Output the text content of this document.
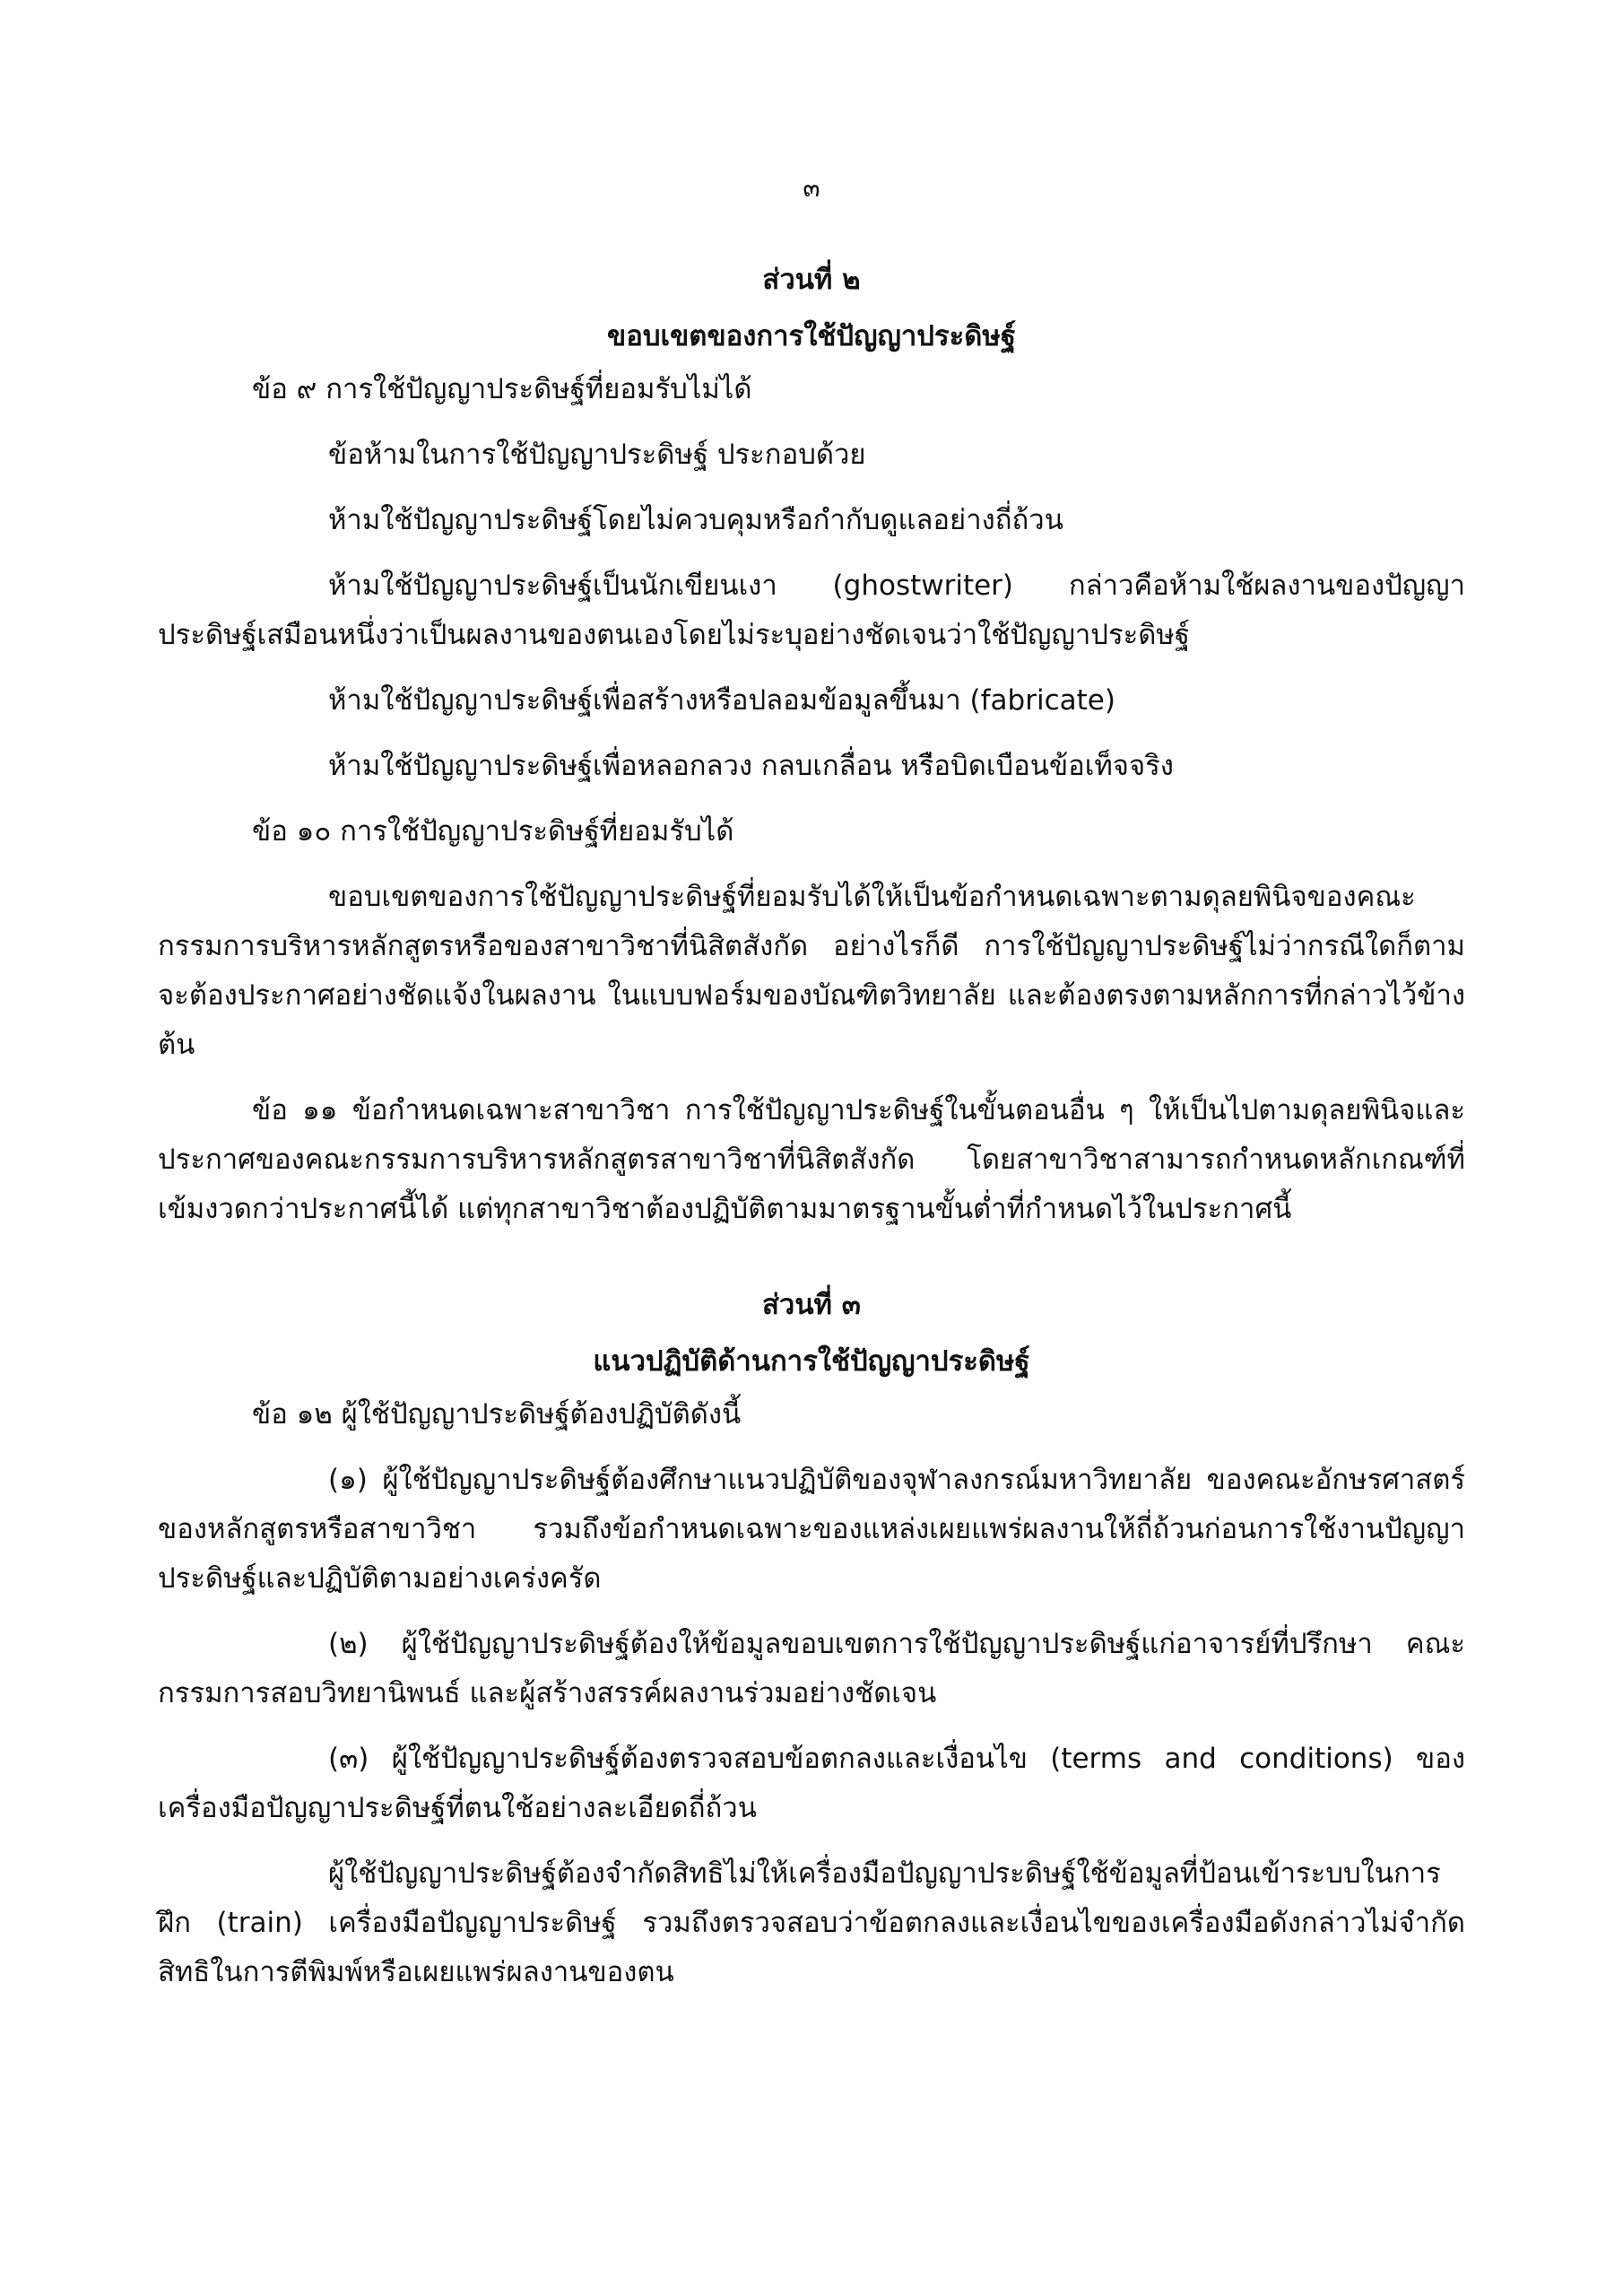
๓

ส่วนที่ ๒

ขอบเขตของการใช้ปัญญาประดิษฐ์

ข้อ ๙ การใช้ปัญญาประดิษฐ์ที่ยอมรับไม่ได้

ข้อห้ามในการใช้ปัญญาประดิษฐ์ ประกอบด้วย

ห้ามใช้ปัญญาประดิษฐ์โดยไม่ควบคุมหรือกำกับดูแลอย่างถี่ถ้วน

ห้ามใช้ปัญญาประดิษฐ์เป็นนักเขียนเงา (ghostwriter) กล่าวคือห้ามใช้ผลงานของปัญญาประดิษฐ์เสมือนหนึ่งว่าเป็นผลงานของตนเองโดยไม่ระบุอย่างชัดเจนว่าใช้ปัญญาประดิษฐ์

ห้ามใช้ปัญญาประดิษฐ์เพื่อสร้างหรือปลอมข้อมูลขึ้นมา (fabricate)

ห้ามใช้ปัญญาประดิษฐ์เพื่อหลอกลวง กลบเกลื่อน หรือบิดเบือนข้อเท็จจริง

ข้อ ๑๐ การใช้ปัญญาประดิษฐ์ที่ยอมรับได้

ขอบเขตของการใช้ปัญญาประดิษฐ์ที่ยอมรับได้ให้เป็นข้อกำหนดเฉพาะตามดุลยพินิจของคณะกรรมการบริหารหลักสูตรหรือของสาขาวิชาที่นิสิตสังกัด อย่างไรก็ดี การใช้ปัญญาประดิษฐ์ไม่ว่ากรณีใดก็ตาม จะต้องประกาศอย่างชัดแจ้งในผลงาน ในแบบฟอร์มของบัณฑิตวิทยาลัย และต้องตรงตามหลักการที่กล่าวไว้ข้างต้น

ข้อ ๑๑ ข้อกำหนดเฉพาะสาขาวิชา การใช้ปัญญาประดิษฐ์ในขั้นตอนอื่น ๆ ให้เป็นไปตามดุลยพินิจและประกาศของคณะกรรมการบริหารหลักสูตรสาขาวิชาที่นิสิตสังกัด โดยสาขาวิชาสามารถกำหนดหลักเกณฑ์ที่เข้มงวดกว่าประกาศนี้ได้ แต่ทุกสาขาวิชาต้องปฏิบัติตามมาตรฐานขั้นต่ำที่กำหนดไว้ในประกาศนี้

ส่วนที่ ๓

แนวปฏิบัติด้านการใช้ปัญญาประดิษฐ์

ข้อ ๑๒ ผู้ใช้ปัญญาประดิษฐ์ต้องปฏิบัติดังนี้

(๑) ผู้ใช้ปัญญาประดิษฐ์ต้องศึกษาแนวปฏิบัติของจุฬาลงกรณ์มหาวิทยาลัย ของคณะอักษรศาสตร์ ของหลักสูตรหรือสาขาวิชา รวมถึงข้อกำหนดเฉพาะของแหล่งเผยแพร่ผลงานให้ถี่ถ้วนก่อนการใช้งานปัญญาประดิษฐ์และปฏิบัติตามอย่างเคร่งครัด

(๒) ผู้ใช้ปัญญาประดิษฐ์ต้องให้ข้อมูลขอบเขตการใช้ปัญญาประดิษฐ์แก่อาจารย์ที่ปรึกษา คณะกรรมการสอบวิทยานิพนธ์ และผู้สร้างสรรค์ผลงานร่วมอย่างชัดเจน

(๓) ผู้ใช้ปัญญาประดิษฐ์ต้องตรวจสอบข้อตกลงและเงื่อนไข (terms and conditions) ของเครื่องมือปัญญาประดิษฐ์ที่ตนใช้อย่างละเอียดถี่ถ้วน

ผู้ใช้ปัญญาประดิษฐ์ต้องจำกัดสิทธิไม่ให้เครื่องมือปัญญาประดิษฐ์ใช้ข้อมูลที่ป้อนเข้าระบบในการฝึก (train) เครื่องมือปัญญาประดิษฐ์ รวมถึงตรวจสอบว่าข้อตกลงและเงื่อนไขของเครื่องมือดังกล่าวไม่จำกัดสิทธิในการตีพิมพ์หรือเผยแพร่ผลงานของตน
